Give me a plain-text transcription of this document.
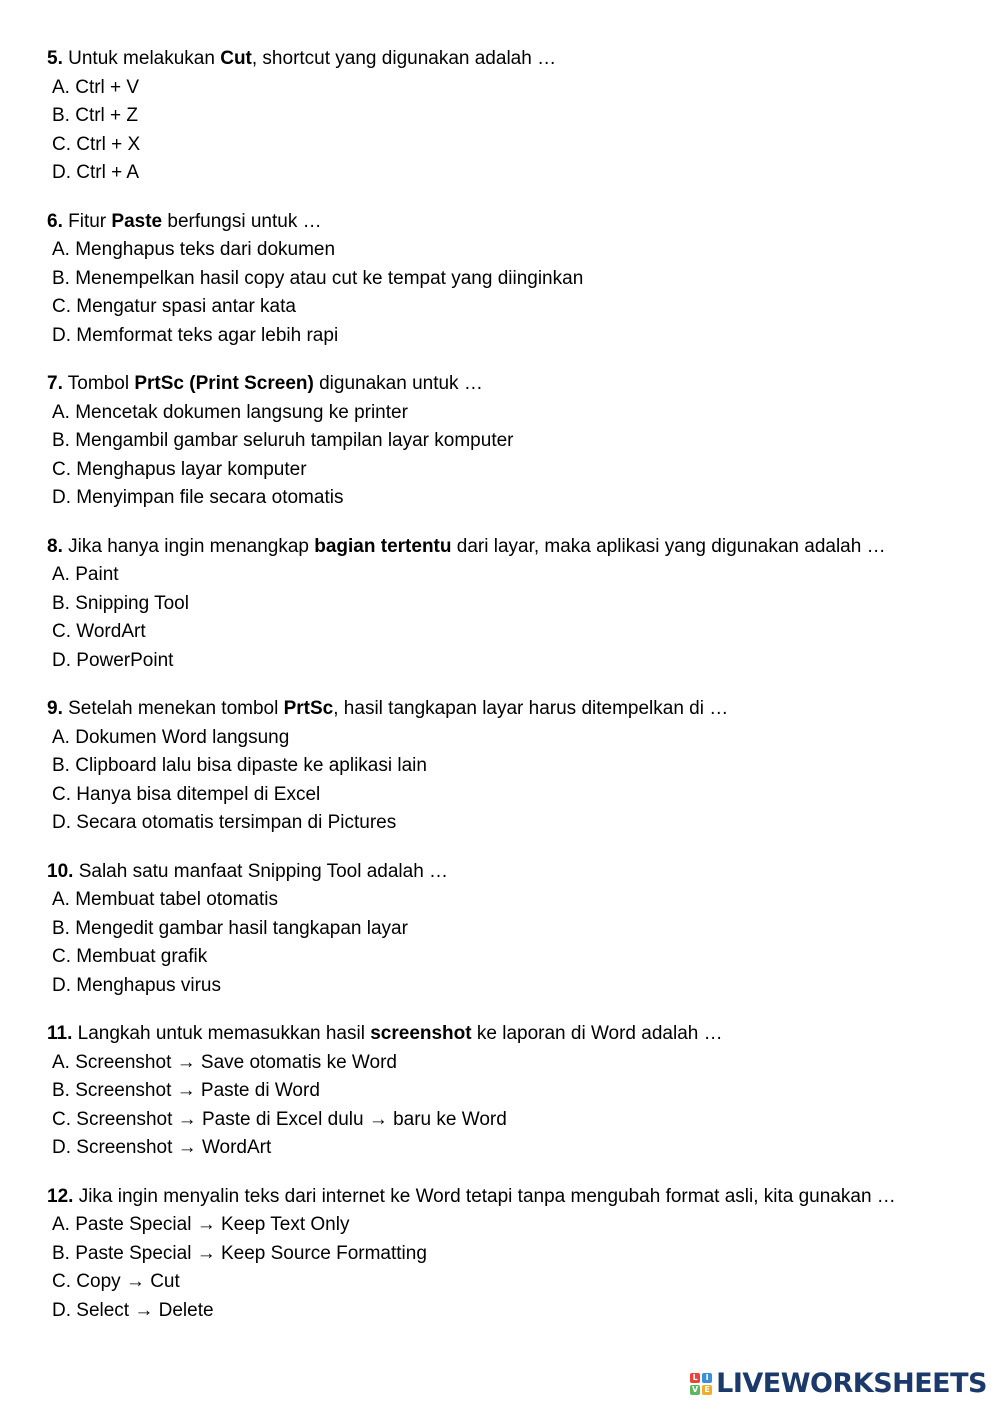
5. Untuk melakukan Cut, shortcut yang digunakan adalah …
A. Ctrl + V
B. Ctrl + Z
C. Ctrl + X
D. Ctrl + A
6. Fitur Paste berfungsi untuk …
A. Menghapus teks dari dokumen
B. Menempelkan hasil copy atau cut ke tempat yang diinginkan
C. Mengatur spasi antar kata
D. Memformat teks agar lebih rapi
7. Tombol PrtSc (Print Screen) digunakan untuk …
A. Mencetak dokumen langsung ke printer
B. Mengambil gambar seluruh tampilan layar komputer
C. Menghapus layar komputer
D. Menyimpan file secara otomatis
8. Jika hanya ingin menangkap bagian tertentu dari layar, maka aplikasi yang digunakan adalah …
A. Paint
B. Snipping Tool
C. WordArt
D. PowerPoint
9. Setelah menekan tombol PrtSc, hasil tangkapan layar harus ditempelkan di …
A. Dokumen Word langsung
B. Clipboard lalu bisa dipaste ke aplikasi lain
C. Hanya bisa ditempel di Excel
D. Secara otomatis tersimpan di Pictures
10. Salah satu manfaat Snipping Tool adalah …
A. Membuat tabel otomatis
B. Mengedit gambar hasil tangkapan layar
C. Membuat grafik
D. Menghapus virus
11. Langkah untuk memasukkan hasil screenshot ke laporan di Word adalah …
A. Screenshot → Save otomatis ke Word
B. Screenshot → Paste di Word
C. Screenshot → Paste di Excel dulu → baru ke Word
D. Screenshot → WordArt
12. Jika ingin menyalin teks dari internet ke Word tetapi tanpa mengubah format asli, kita gunakan …
A. Paste Special → Keep Text Only
B. Paste Special → Keep Source Formatting
C. Copy → Cut
D. Select → Delete
L I
V E LIVEWORKSHEETS
